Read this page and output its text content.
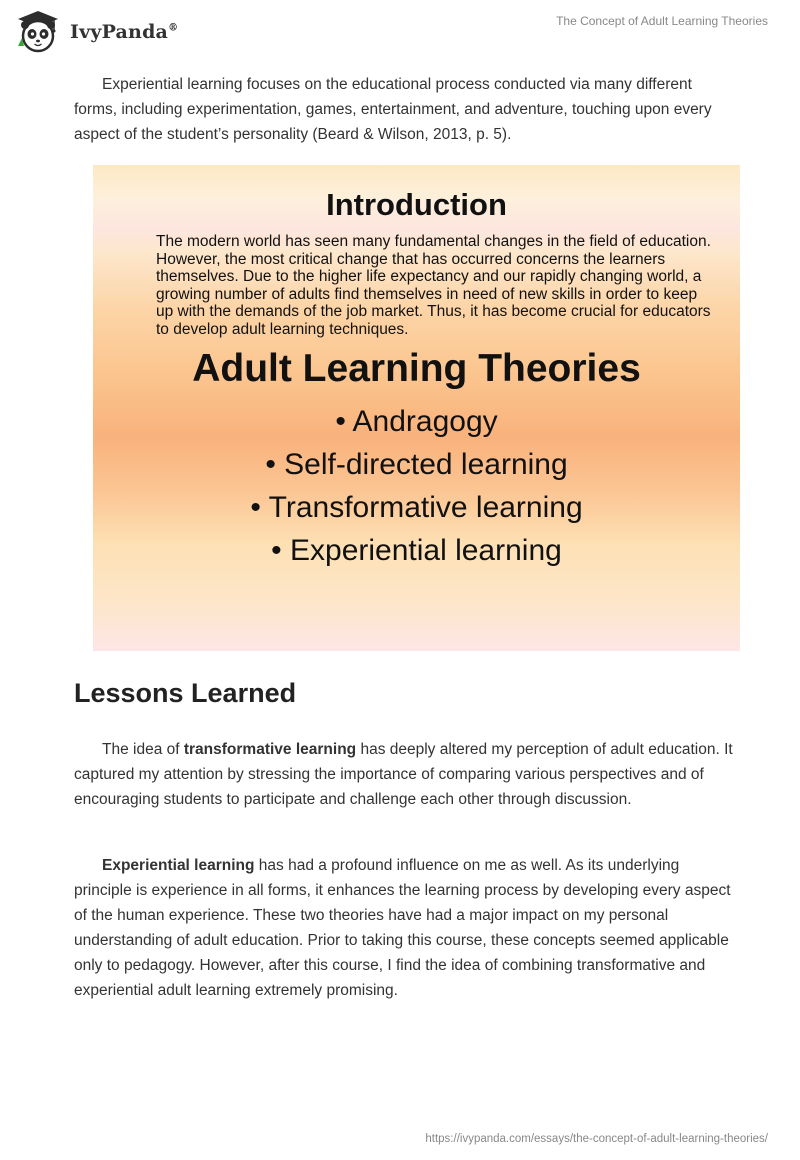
IvyPanda®
The Concept of Adult Learning Theories

Experiential learning focuses on the educational process conducted via many different forms, including experimentation, games, entertainment, and adventure, touching upon every aspect of the student’s personality (Beard & Wilson, 2013, p. 5).

Introduction
The modern world has seen many fundamental changes in the field of education. However, the most critical change that has occurred concerns the learners themselves. Due to the higher life expectancy and our rapidly changing world, a growing number of adults find themselves in need of new skills in order to keep up with the demands of the job market. Thus, it has become crucial for educators to develop adult learning techniques.
Adult Learning Theories
• Andragogy
• Self-directed learning
• Transformative learning
• Experiential learning
Lessons Learned

The idea of transformative learning has deeply altered my perception of adult education. It captured my attention by stressing the importance of comparing various perspectives and of encouraging students to participate and challenge each other through discussion.

Experiential learning has had a profound influence on me as well. As its underlying principle is experience in all forms, it enhances the learning process by developing every aspect of the human experience. These two theories have had a major impact on my personal understanding of adult education. Prior to taking this course, these concepts seemed applicable only to pedagogy. However, after this course, I find the idea of combining transformative and experiential adult learning extremely promising.

https://ivypanda.com/essays/the-concept-of-adult-learning-theories/
